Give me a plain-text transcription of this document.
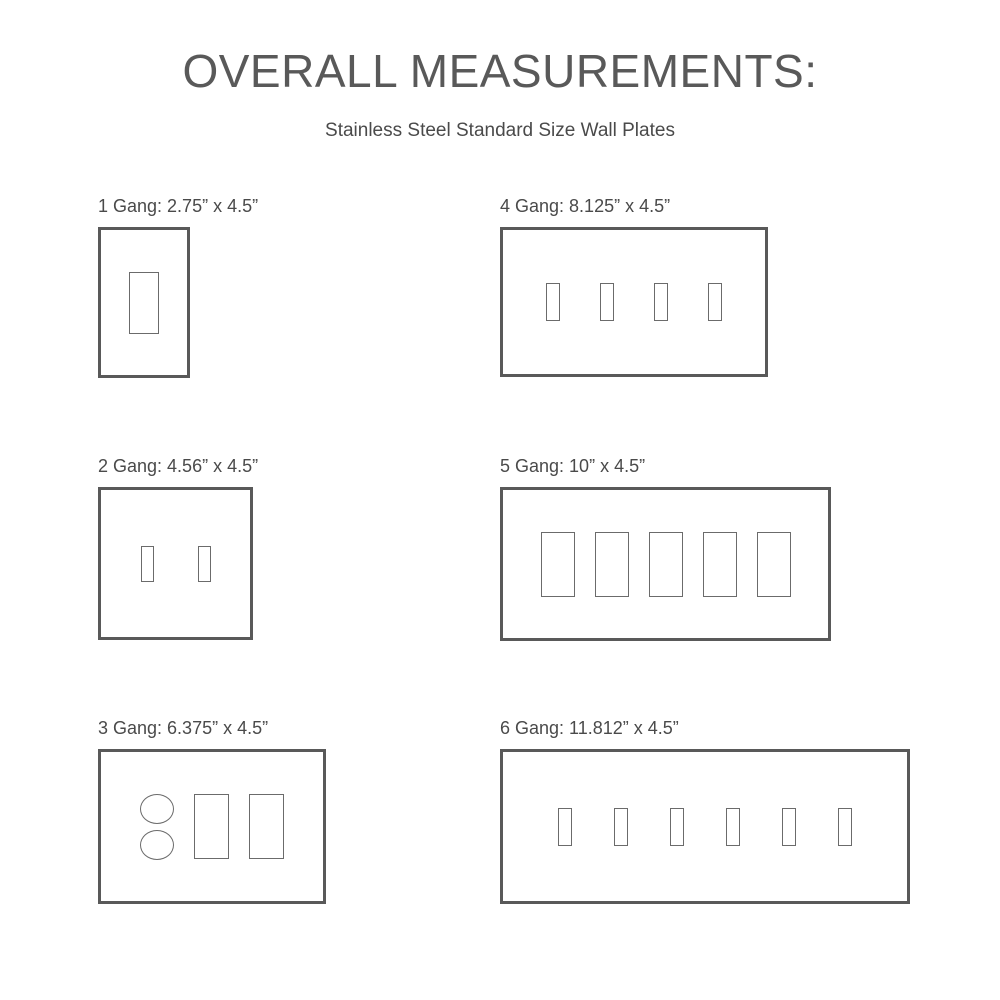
OVERALL MEASUREMENTS:
Stainless Steel Standard Size Wall Plates
1 Gang: 2.75” x 4.5”
2 Gang: 4.56” x 4.5”
3 Gang: 6.375” x 4.5”
4 Gang: 8.125” x 4.5”
5 Gang: 10” x 4.5”
6 Gang: 11.812” x 4.5”
